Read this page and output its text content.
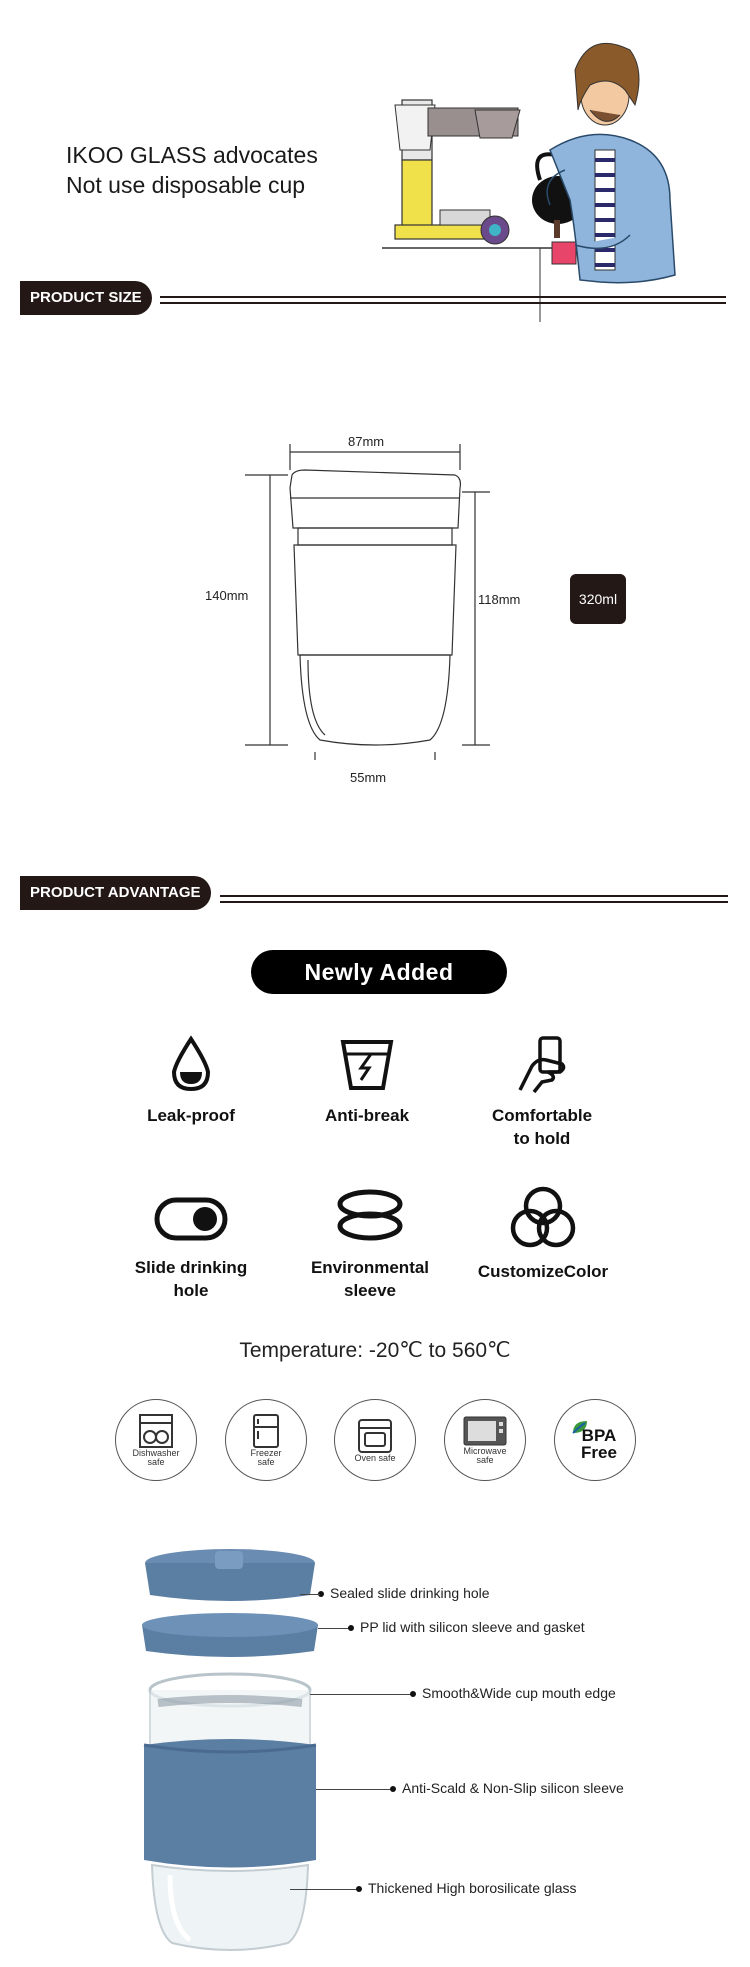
IKOO GLASS advocates
Not use disposable cup
PRODUCT SIZE
87mm
140mm	118mm
55mm
320ml
PRODUCT ADVANTAGE
Newly Added
Leak-proof	Anti-break	Comfortable
to hold
Slide drinking
hole
Environmental
sleeve
CustomizeColor
Temperature: -20℃ to 560℃
Dishwasher
safe
Freezer
safe	Oven safe
Microwave
safe
BPA
Free
Sealed slide drinking hole
PP lid with silicon sleeve and gasket
Smooth&Wide cup mouth edge
Anti-Scald & Non-Slip silicon sleeve
Thickened High borosilicate glass
